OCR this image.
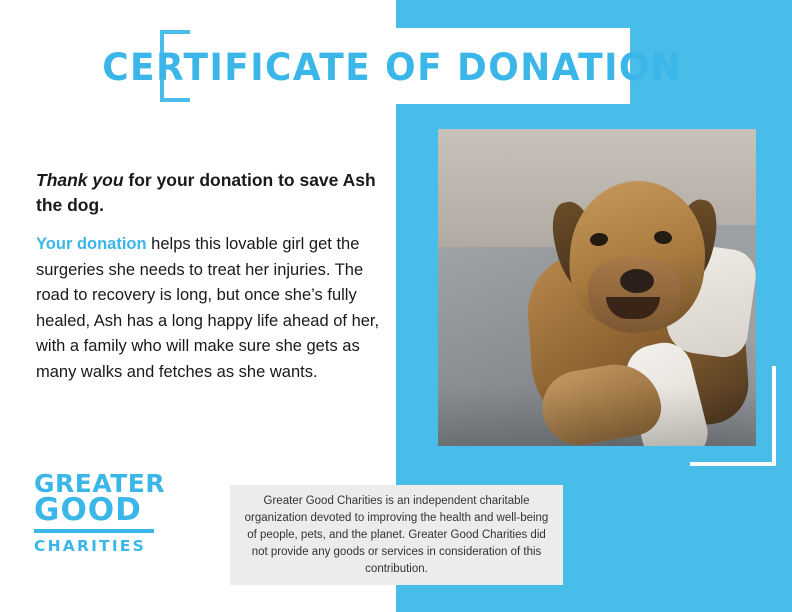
CERTIFICATE OF DONATION
Thank you for your donation to save Ash the dog.
Your donation helps this lovable girl get the surgeries she needs to treat her injuries. The road to recovery is long, but once she’s fully healed, Ash has a long happy life ahead of her, with a family who will make sure she gets as many walks and fetches as she wants.
GREATER
GOOD
CHARITIES
Greater Good Charities is an independent charitable organization devoted to improving the health and well-being of people, pets, and the planet. Greater Good Charities did not provide any goods or services in consideration of this contribution.
